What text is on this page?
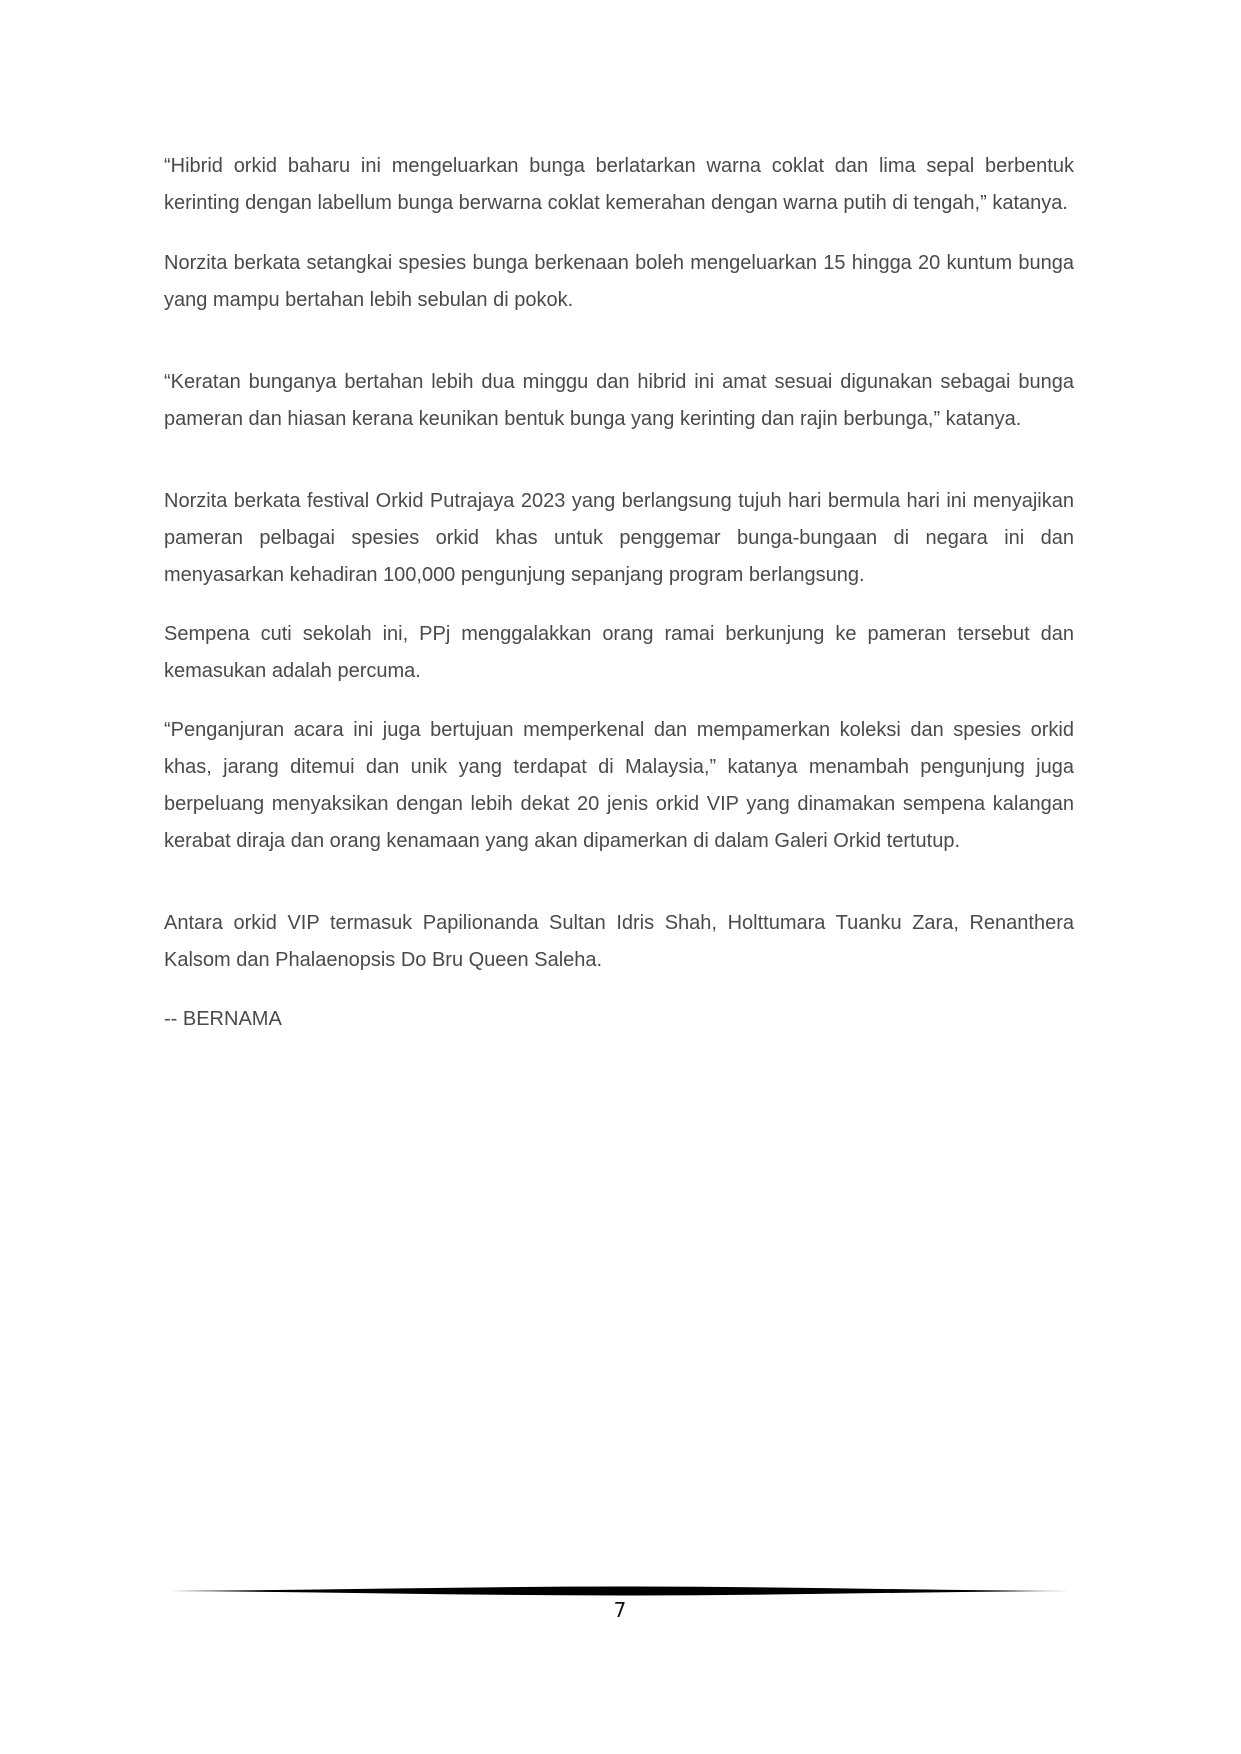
“Hibrid orkid baharu ini mengeluarkan bunga berlatarkan warna coklat dan lima sepal berbentuk kerinting dengan labellum bunga berwarna coklat kemerahan dengan warna putih di tengah,” katanya.

Norzita berkata setangkai spesies bunga berkenaan boleh mengeluarkan 15 hingga 20 kuntum bunga yang mampu bertahan lebih sebulan di pokok.

“Keratan bunganya bertahan lebih dua minggu dan hibrid ini amat sesuai digunakan sebagai bunga pameran dan hiasan kerana keunikan bentuk bunga yang kerinting dan rajin berbunga,” katanya.

Norzita berkata festival Orkid Putrajaya 2023 yang berlangsung tujuh hari bermula hari ini menyajikan pameran pelbagai spesies orkid khas untuk penggemar bunga-bungaan di negara ini dan menyasarkan kehadiran 100,000 pengunjung sepanjang program berlangsung.

Sempena cuti sekolah ini, PPj menggalakkan orang ramai berkunjung ke pameran tersebut dan kemasukan adalah percuma.

“Penganjuran acara ini juga bertujuan memperkenal dan mempamerkan koleksi dan spesies orkid khas, jarang ditemui dan unik yang terdapat di Malaysia,” katanya menambah pengunjung juga berpeluang menyaksikan dengan lebih dekat 20 jenis orkid VIP yang dinamakan sempena kalangan kerabat diraja dan orang kenamaan yang akan dipamerkan di dalam Galeri Orkid tertutup.

Antara orkid VIP termasuk Papilionanda Sultan Idris Shah, Holttumara Tuanku Zara, Renanthera Kalsom dan Phalaenopsis Do Bru Queen Saleha.

-- BERNAMA

7
